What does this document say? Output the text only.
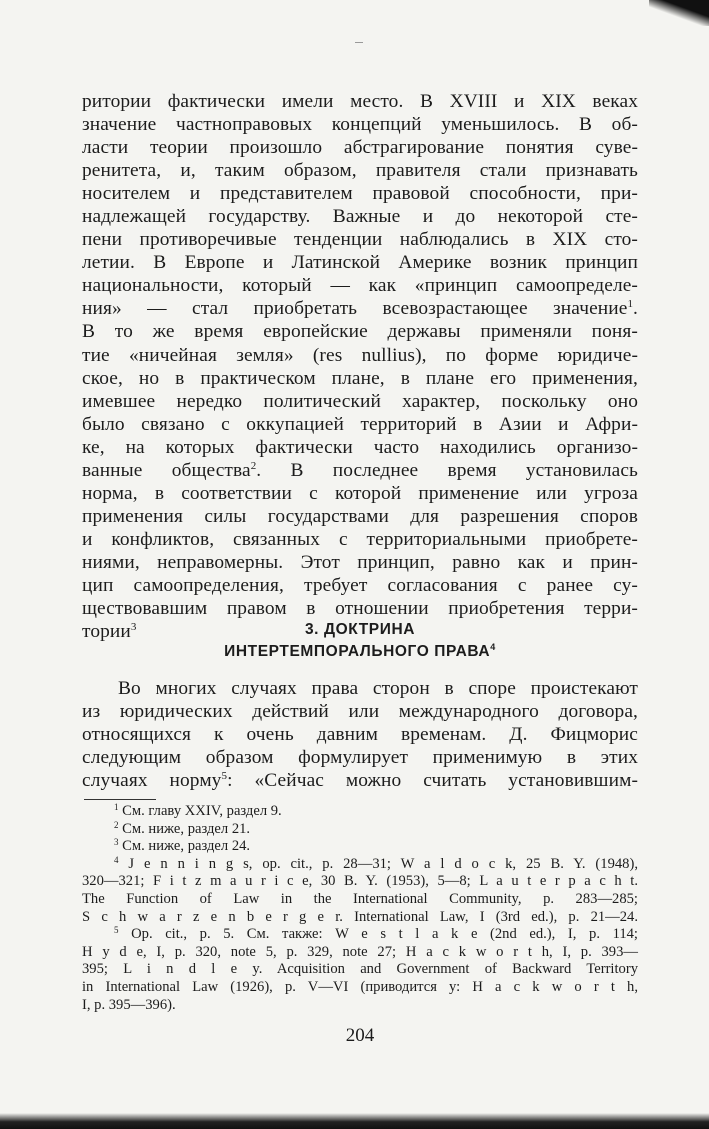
ритории фактически имели место. В XVIII и XIX веках
значение частноправовых концепций уменьшилось. В об-
ласти теории произошло абстрагирование понятия суве-
ренитета, и, таким образом, правителя стали признавать
носителем и представителем правовой способности, при-
надлежащей государству. Важные и до некоторой сте-
пени противоречивые тенденции наблюдались в XIX сто-
летии. В Европе и Латинской Америке возник принцип
национальности, который — как «принцип самоопределе-
ния» — стал приобретать всевозрастающее значение$^1$.
В то же время европейские державы применяли поня-
тие «ничейная земля» (res nullius), по форме юридиче-
ское, но в практическом плане, в плане его применения,
имевшее нередко политический характер, поскольку оно
было связано с оккупацией территорий в Азии и Афри-
ке, на которых фактически часто находились организо-
ванные общества$^2$. В последнее время установилась
норма, в соответствии с которой применение или угроза
применения силы государствами для разрешения споров
и конфликтов, связанных с территориальными приобрете-
ниями, неправомерны. Этот принцип, равно как и прин-
цип самоопределения, требует согласования с ранее су-
ществовавшим правом в отношении приобретения терри-
тории$^3$	3. ДОКТРИНА
ИНТЕРТЕМПОРАЛЬНОГО ПРАВА$^4$
Во многих случаях права сторон в споре проистекают
из юридических действий или международного договора,
относящихся к очень давним временам. Д. Фицморис
следующим образом формулирует применимую в этих
случаях норму$^5$: «Сейчас можно считать установившим-
$^1$ См. главу XXIV, раздел 9.
$^2$ См. ниже, раздел 21.
$^3$ См. ниже, раздел 24.
$^4$ J e n n i n g s, op. cit., p. 28—31; W a l d o c k, 25 B. Y. (1948),
320—321; F i t z m a u r i c e, 30 B. Y. (1953), 5—8; L a u t e r p a c h t.
The Function of Law in the International Community, p. 283—285;
S c h w a r z e n b e r g e r. International Law, I (3rd ed.), p. 21—24.
$^5$ Op. cit., p. 5. См. также: W e s t l a k e (2nd ed.), I, p. 114;
H y d e, I, p. 320, note 5, p. 329, note 27; H a c k w o r t h, I, p. 393—
395; L i n d l e y. Acquisition and Government of Backward Territory
in International Law (1926), p. V—VI (приводится у: H a c k w o r t h,
I, p. 395—396).
204
